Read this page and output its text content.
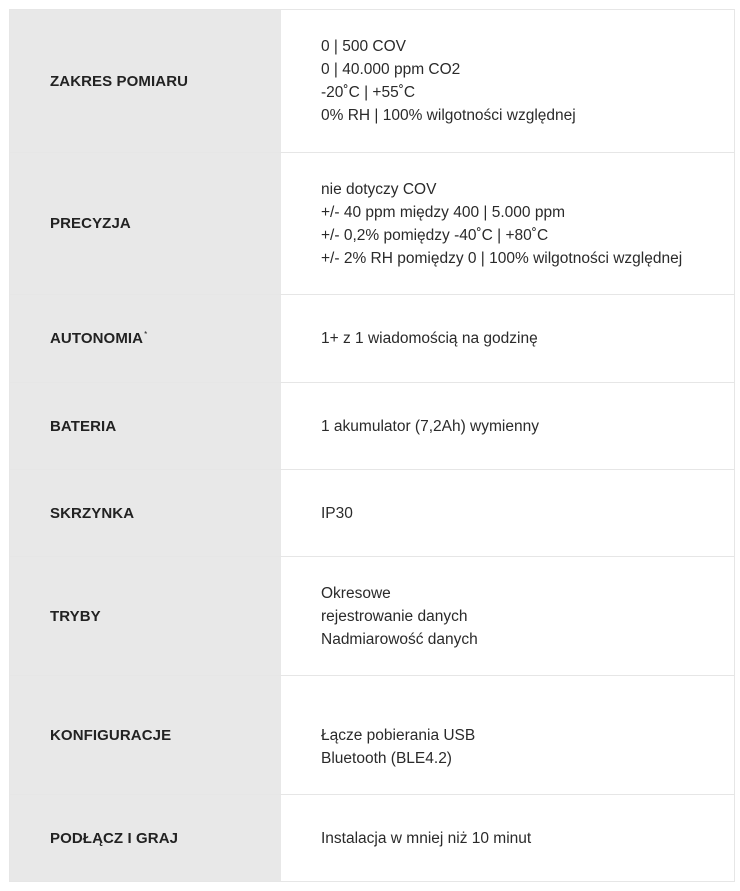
ZAKRES POMIARU	0 | 500 COV
0 | 40.000 ppm CO2
-20˚C | +55˚C
0% RH | 100% wilgotności względnej

PRECYZJA	nie dotyczy COV
+/- 40 ppm między 400 | 5.000 ppm
+/- 0,2% pomiędzy -40˚C | +80˚C
+/- 2% RH pomiędzy 0 | 100% wilgotności względnej

AUTONOMIA*	1+ z 1 wiadomością na godzinę

BATERIA	1 akumulator (7,2Ah) wymienny

SKRZYNKA	IP30

TRYBY	Okresowe
rejestrowanie danych
Nadmiarowość danych

KONFIGURACJE	Łącze pobierania USB
Bluetooth (BLE4.2)

PODŁĄCZ I GRAJ	Instalacja w mniej niż 10 minut
